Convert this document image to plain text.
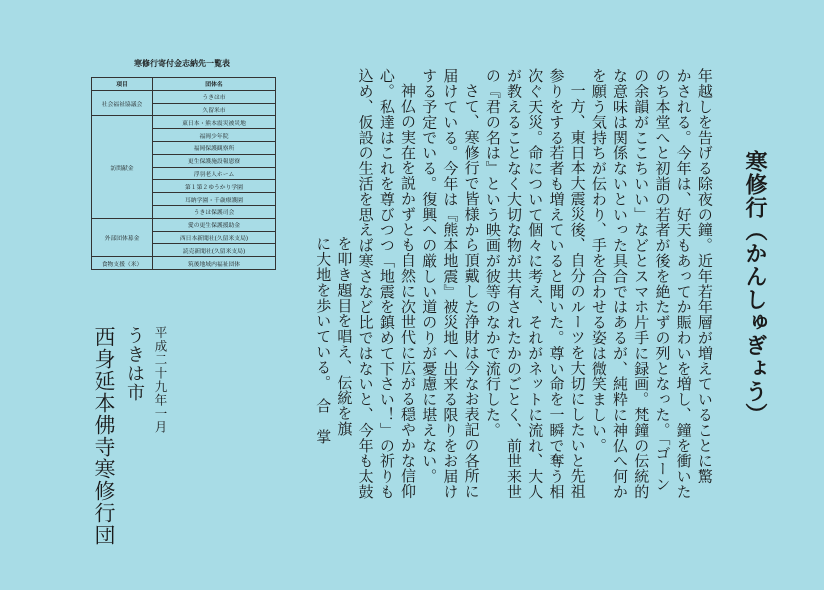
寒修行（かんしゅぎょう）
年越しを告げる除夜の鐘。近年若年層が増えていることに驚
かされる。今年は、好天もあってか賑わいを増し、鐘を衝いた
のち本堂へと初詣の若者が後を絶たずの列となった。「ゴーン
の余韻がここちいい」などとスマホ片手に録画。梵鐘の伝統的
な意味は関係ないといった具合ではあるが、純粋に神仏へ何か
を願う気持ちが伝わり、手を合わせる姿は微笑ましい。
一方、東日本大震災後、自分のルーツを大切にしたいと先祖
参りをする若者も増えていると聞いた。尊い命を一瞬で奪う相
次ぐ天災。命について個々に考え、それがネットに流れ、大人
が教えることなく大切な物が共有されたかのごとく、前世来世
の『君の名は』という映画が彼等のなかで流行した。
さて、寒修行で皆様から頂戴した浄財は今なお表記の各所に
届けている。今年は『熊本地震』被災地へ出来る限りをお届け
する予定でいる。復興への厳しい道のりが憂慮に堪えない。
神仏の実在を説かずとも自然に次世代に広がる穏やかな信仰
心。私達はこれを尊びつつ「地震を鎮めて下さい！」の祈りも
込め、仮設の生活を思えば寒さなど比ではないと、今年も太鼓
を叩き題目を唱え、伝統を旗
に大地を歩いている。　合　掌
平成二十九年一月
うきは市
西身延本佛寺寒修行団
寒修行寄付金志納先一覧表
項目	団体名
社会福祉協議会	うきは市
	久留米市
訪問献金	東日本・熊本震災被災地
	福岡少年院
	福岡保護観察所
	更生保護施設報恩寮
	浮羽老人ホーム
	第１第２ゆうかり学園
	耳納学園・千歳療護園
	うきは保護司会
外部団体募金	愛の更生保護援助金
	西日本新聞社(久留米支局)
	読売新聞社(久留米支局)
食物支援（米）	筑後地域内福祉団体
